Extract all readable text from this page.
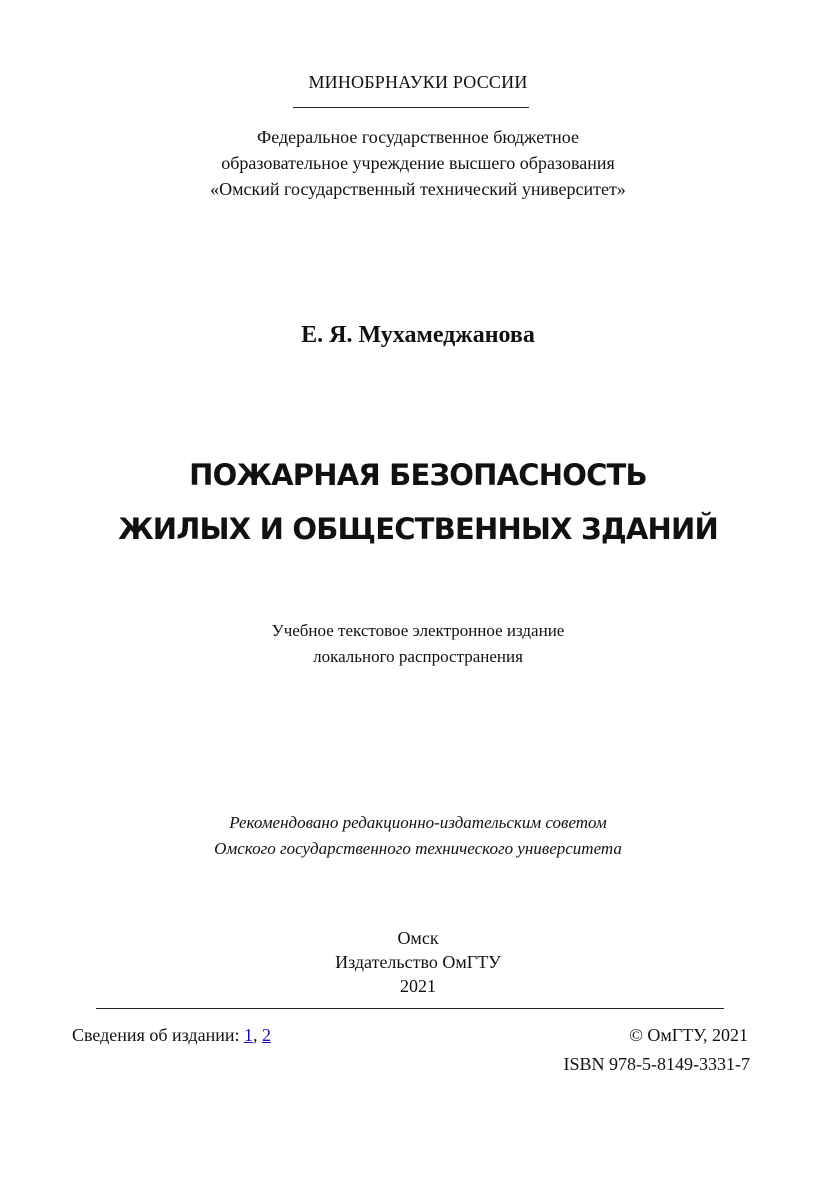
МИНОБРНАУКИ РОССИИ
Федеральное государственное бюджетное
образовательное учреждение высшего образования
«Омский государственный технический университет»
Е. Я. Мухамеджанова
ПОЖАРНАЯ БЕЗОПАСНОСТЬ
ЖИЛЫХ И ОБЩЕСТВЕННЫХ ЗДАНИЙ
Учебное текстовое электронное издание
локального распространения
Рекомендовано редакционно-издательским советом
Омского государственного технического университета
Омск
Издательство ОмГТУ
2021
Сведения об издании: 1, 2	© ОмГТУ, 2021
ISBN 978-5-8149-3331-7
